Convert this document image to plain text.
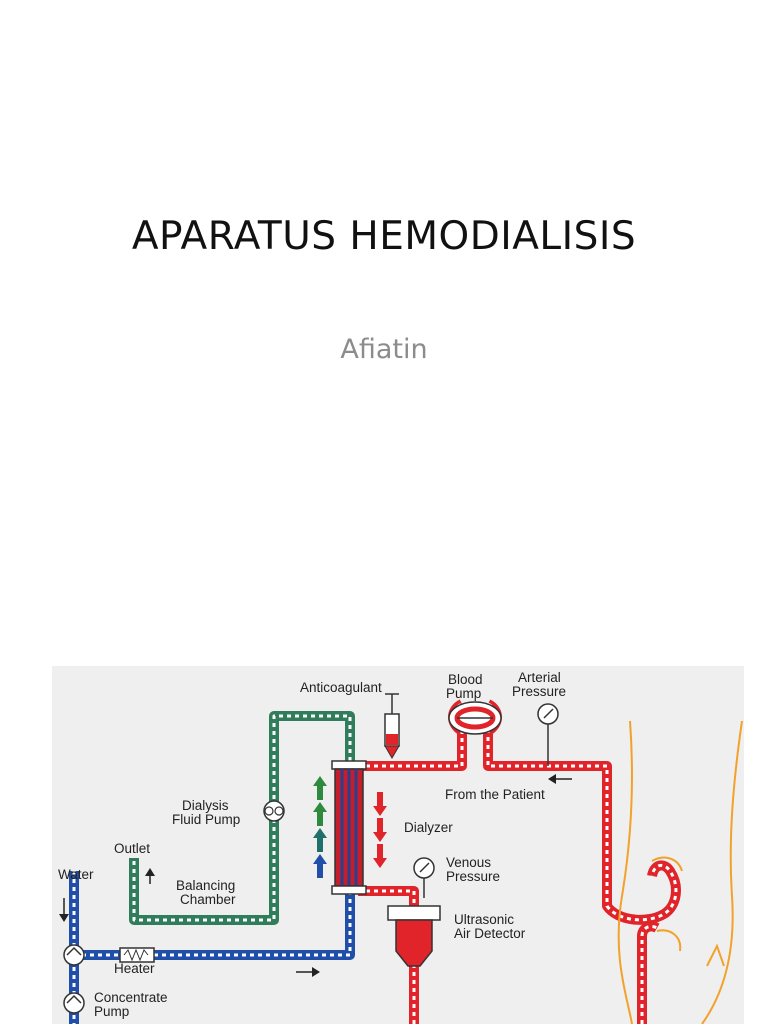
APARATUS HEMODIALISIS
Afiatin
Anticoagulant
Blood
Pump
Arterial
Pressure
From the Patient
Dialysis
Fluid Pump
Dialyzer
Outlet
Venous
Pressure
Water
Balancing
Chamber
Ultrasonic
Air Detector
Heater
Concentrate
Pump
